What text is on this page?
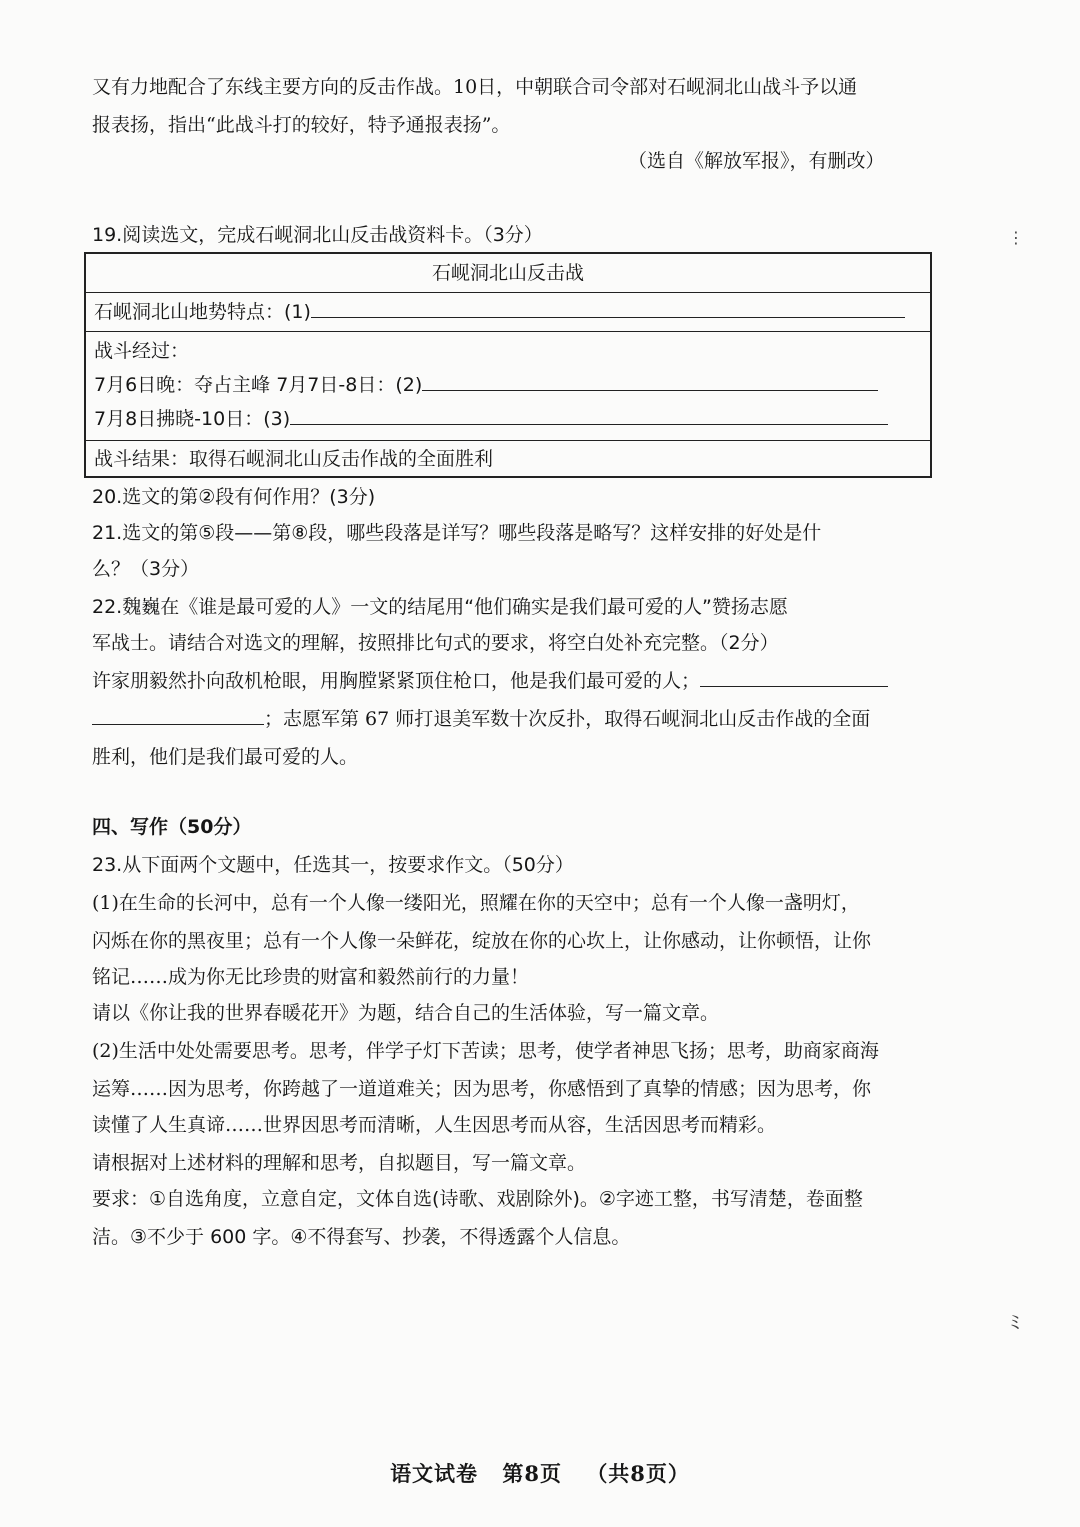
又有力地配合了东线主要方向的反击作战。10日，中朝联合司令部对石岘洞北山战斗予以通
报表扬，指出“此战斗打的较好，特予通报表扬”。
（选自《解放军报》，有删改）
19.阅读选文，完成石岘洞北山反击战资料卡。（3分）	⋮
石岘洞北山反击战
石岘洞北山地势特点：(1)
战斗经过：
7月6日晚：夺占主峰 7月7日-8日：(2)
7月8日拂晓-10日：(3)
战斗结果：取得石岘洞北山反击作战的全面胜利
20.选文的第②段有何作用？(3分)
21.选文的第⑤段——第⑧段，哪些段落是详写？哪些段落是略写？这样安排的好处是什
么？（3分）
22.魏巍在《谁是最可爱的人》一文的结尾用“他们确实是我们最可爱的人”赞扬志愿
军战士。请结合对选文的理解，按照排比句式的要求，将空白处补充完整。（2分）
许家朋毅然扑向敌机枪眼，用胸膛紧紧顶住枪口，他是我们最可爱的人；
；志愿军第 67 师打退美军数十次反扑，取得石岘洞北山反击作战的全面
胜利，他们是我们最可爱的人。
四、写作（50分）
23.从下面两个文题中，任选其一，按要求作文。（50分）
(1)在生命的长河中，总有一个人像一缕阳光，照耀在你的天空中；总有一个人像一盏明灯，
闪烁在你的黑夜里；总有一个人像一朵鲜花，绽放在你的心坎上，让你感动，让你顿悟，让你
铭记……成为你无比珍贵的财富和毅然前行的力量！
请以《你让我的世界春暖花开》为题，结合自己的生活体验，写一篇文章。
(2)生活中处处需要思考。思考，伴学子灯下苦读；思考，使学者神思飞扬；思考，助商家商海
运筹……因为思考，你跨越了一道道难关；因为思考，你感悟到了真挚的情感；因为思考，你
读懂了人生真谛……世界因思考而清晰，人生因思考而从容，生活因思考而精彩。
请根据对上述材料的理解和思考，自拟题目，写一篇文章。
要求：①自选角度，立意自定，文体自选(诗歌、戏剧除外)。②字迹工整，书写清楚，卷面整
洁。③不少于 600 字。④不得套写、抄袭，不得透露个人信息。
ﾐ
语文试卷 第8页 （共8页）
